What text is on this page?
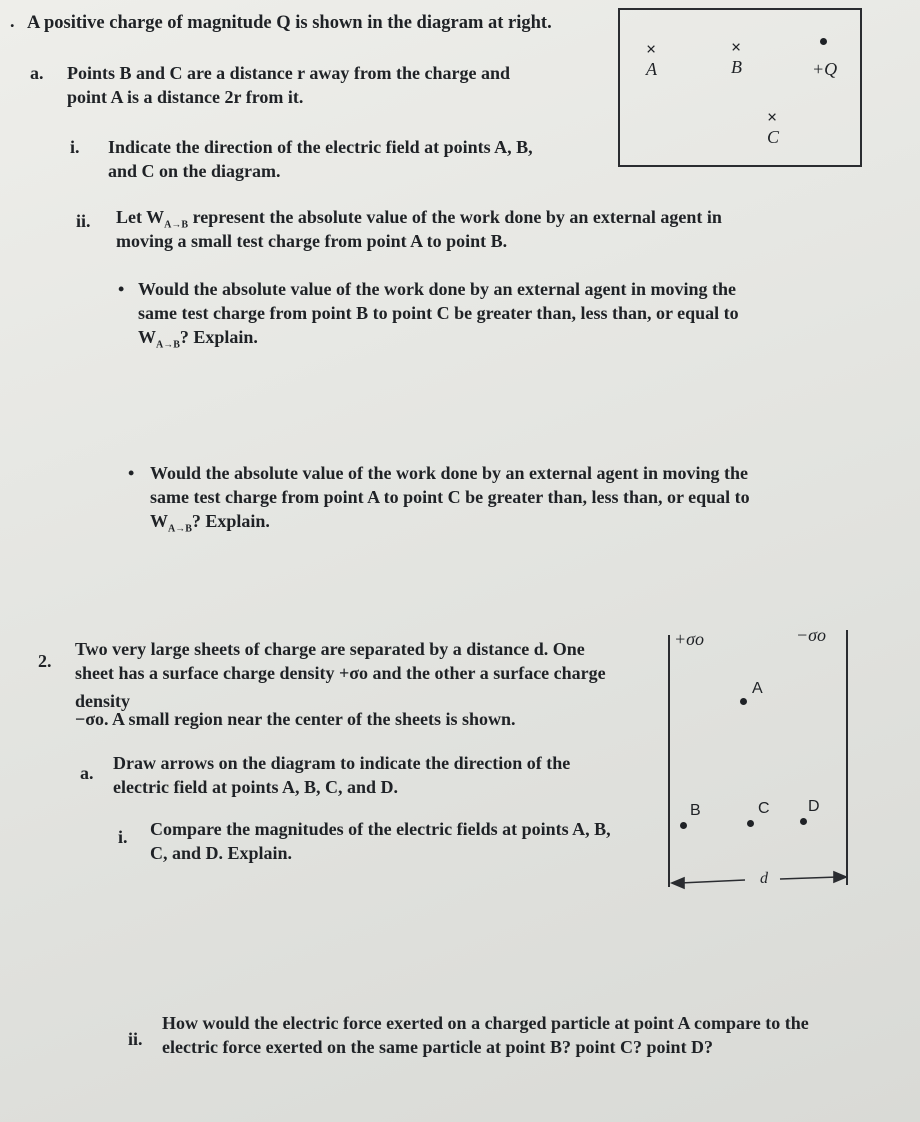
. A positive charge of magnitude Q is shown in the diagram at right.
a. Points B and C are a distance r away from the charge and
point A is a distance 2r from it.
i. Indicate the direction of the electric field at points A, B,
and C on the diagram.
×
A
×
B	+Q
×
C
ii. Let $W_{A\to B}$ represent the absolute value of the work done by an external agent in
moving a small test charge from point A to point B.
• Would the absolute value of the work done by an external agent in moving the
same test charge from point B to point C be greater than, less than, or equal to
$W_{A\to B}$? Explain.
• Would the absolute value of the work done by an external agent in moving the
same test charge from point A to point C be greater than, less than, or equal to
$W_{A\to B}$? Explain.
2.
Two very large sheets of charge are separated by a distance d. One
sheet has a surface charge density +σo and the other a surface charge
density
−σo. A small region near the center of the sheets is shown.
a. Draw arrows on the diagram to indicate the direction of the
electric field at points A, B, C, and D.
i. Compare the magnitudes of the electric fields at points A, B,
C, and D. Explain.
+σo	−σo
A
B	C D
d
ii.
How would the electric force exerted on a charged particle at point A compare to the
electric force exerted on the same particle at point B? point C? point D?
